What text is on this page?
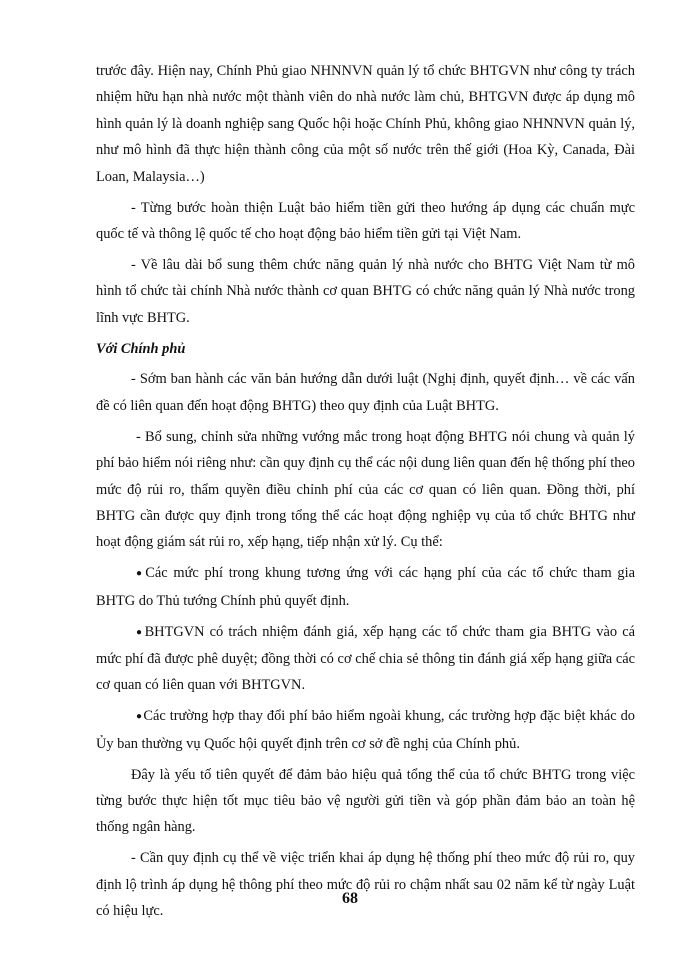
trước đây. Hiện nay, Chính Phủ giao NHNNVN quản lý tổ chức BHTGVN như công ty trách nhiệm hữu hạn nhà nước một thành viên do nhà nước làm chủ, BHTGVN được áp dụng mô hình quản lý là doanh nghiệp sang Quốc hội hoặc Chính Phủ, không giao NHNNVN quản lý, như mô hình đã thực hiện thành công của một số nước trên thế giới (Hoa Kỳ, Canada, Đài Loan, Malaysia…)

- Từng bước hoàn thiện Luật bảo hiểm tiền gửi theo hướng áp dụng các chuẩn mực quốc tế và thông lệ quốc tế cho hoạt động bảo hiểm tiền gửi tại Việt Nam.

- Về lâu dài bổ sung thêm chức năng quản lý nhà nước cho BHTG Việt Nam từ mô hình tổ chức tài chính Nhà nước thành cơ quan BHTG có chức năng quản lý Nhà nước trong lĩnh vực BHTG.

Với Chính phủ

- Sớm ban hành các văn bản hướng dẫn dưới luật (Nghị định, quyết định… về các vấn đề có liên quan đến hoạt động BHTG) theo quy định của Luật BHTG.

- Bổ sung, chỉnh sửa những vướng mắc trong hoạt động BHTG nói chung và quản lý phí bảo hiểm nói riêng như: cần quy định cụ thể các nội dung liên quan đến hệ thống phí theo mức độ rủi ro, thẩm quyền điều chỉnh phí của các cơ quan có liên quan. Đồng thời, phí BHTG cần được quy định trong tổng thể các hoạt động nghiệp vụ của tổ chức BHTG như hoạt động giám sát rủi ro, xếp hạng, tiếp nhận xử lý. Cụ thể:

●Các mức phí trong khung tương ứng với các hạng phí của các tổ chức tham gia BHTG do Thủ tướng Chính phủ quyết định.

●BHTGVN có trách nhiệm đánh giá, xếp hạng các tổ chức tham gia BHTG vào cá mức phí đã được phê duyệt; đồng thời có cơ chế chia sẻ thông tin đánh giá xếp hạng giữa các cơ quan có liên quan với BHTGVN.

●Các trường hợp thay đổi phí bảo hiểm ngoài khung, các trường hợp đặc biệt khác do Ủy ban thường vụ Quốc hội quyết định trên cơ sở đề nghị của Chính phủ.

Đây là yếu tố tiên quyết để đảm bảo hiệu quả tổng thể của tổ chức BHTG trong việc từng bước thực hiện tốt mục tiêu bảo vệ người gửi tiền và góp phần đảm bảo an toàn hệ thống ngân hàng.

- Cần quy định cụ thể về việc triển khai áp dụng hệ thống phí theo mức độ rủi ro, quy định lộ trình áp dụng hệ thông phí theo mức độ rủi ro chậm nhất sau 02 năm kể từ ngày Luật có hiệu lực.

68
